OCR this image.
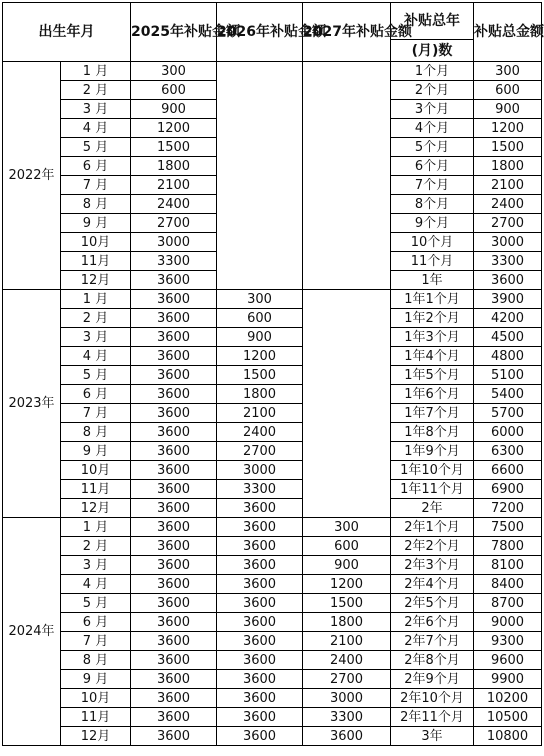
出生年月		2025年补贴金额	2026年补贴金额	2027年补贴金额	补贴总年	补贴总金额
					(月)数	
2022年	1 月	300			1个月	300
	2 月	600			2个月	600
	3 月	900			3个月	900
	4 月	1200			4个月	1200
	5 月	1500			5个月	1500
	6 月	1800			6个月	1800
	7 月	2100			7个月	2100
	8 月	2400			8个月	2400
	9 月	2700			9个月	2700
	10月	3000			10个月	3000
	11月	3300			11个月	3300
	12月	3600			1年	3600
2023年	1 月	3600	300		1年1个月	3900
	2 月	3600	600		1年2个月	4200
	3 月	3600	900		1年3个月	4500
	4 月	3600	1200		1年4个月	4800
	5 月	3600	1500		1年5个月	5100
	6 月	3600	1800		1年6个月	5400
	7 月	3600	2100		1年7个月	5700
	8 月	3600	2400		1年8个月	6000
	9 月	3600	2700		1年9个月	6300
	10月	3600	3000		1年10个月	6600
	11月	3600	3300		1年11个月	6900
	12月	3600	3600		2年	7200
2024年	1 月	3600	3600	300	2年1个月	7500
	2 月	3600	3600	600	2年2个月	7800
	3 月	3600	3600	900	2年3个月	8100
	4 月	3600	3600	1200	2年4个月	8400
	5 月	3600	3600	1500	2年5个月	8700
	6 月	3600	3600	1800	2年6个月	9000
	7 月	3600	3600	2100	2年7个月	9300
	8 月	3600	3600	2400	2年8个月	9600
	9 月	3600	3600	2700	2年9个月	9900
	10月	3600	3600	3000	2年10个月	10200
	11月	3600	3600	3300	2年11个月	10500
	12月	3600	3600	3600	3年	10800
